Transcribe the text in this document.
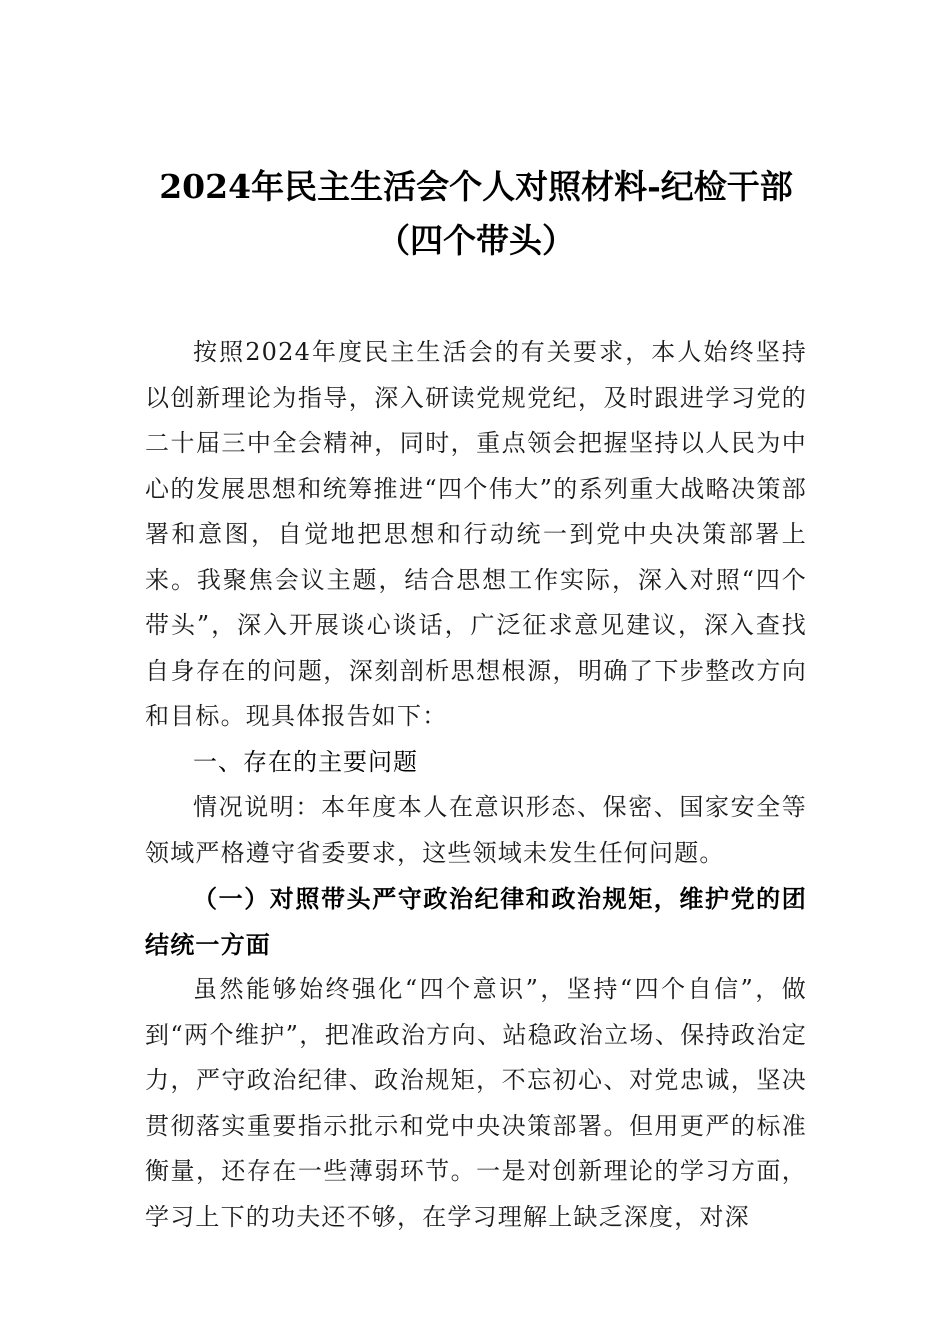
2024年民主生活会个人对照材料-纪检干部
（四个带头）

按照2024年度民主生活会的有关要求，本人始终坚持以创新理论为指导，深入研读党规党纪，及时跟进学习党的二十届三中全会精神，同时，重点领会把握坚持以人民为中心的发展思想和统筹推进“四个伟大”的系列重大战略决策部署和意图，自觉地把思想和行动统一到党中央决策部署上来。我聚焦会议主题，结合思想工作实际，深入对照“四个带头”，深入开展谈心谈话，广泛征求意见建议，深入查找自身存在的问题，深刻剖析思想根源，明确了下步整改方向和目标。现具体报告如下：

一、存在的主要问题

情况说明：本年度本人在意识形态、保密、国家安全等领域严格遵守省委要求，这些领域未发生任何问题。

（一）对照带头严守政治纪律和政治规矩，维护党的团结统一方面

虽然能够始终强化“四个意识”，坚持“四个自信”，做到“两个维护”，把准政治方向、站稳政治立场、保持政治定力，严守政治纪律、政治规矩，不忘初心、对党忠诚，坚决贯彻落实重要指示批示和党中央决策部署。但用更严的标准衡量，还存在一些薄弱环节。一是对创新理论的学习方面，学习上下的功夫还不够，在学习理解上缺乏深度，对深
